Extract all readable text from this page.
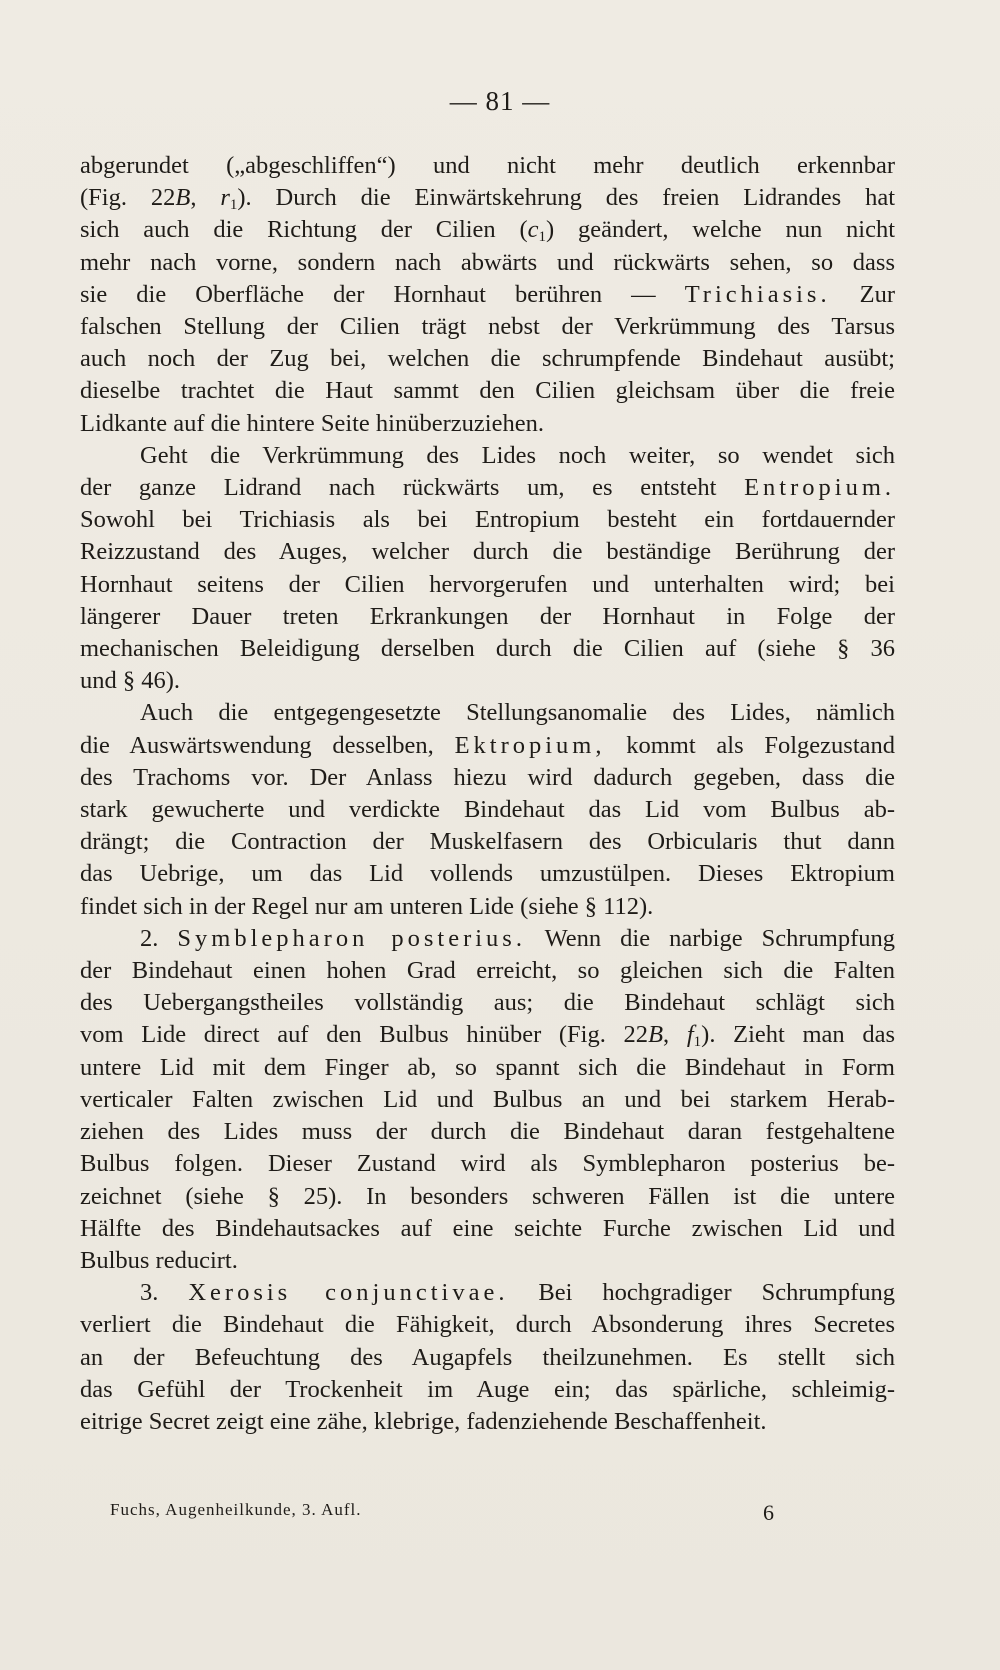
— 81 —
abgerundet („abgeschliffen“) und nicht mehr deutlich erkennbar
(Fig. 22B, $r_1$). Durch die Einwärtskehrung des freien Lidrandes hat
sich auch die Richtung der Cilien $(c_1)$ geändert, welche nun nicht
mehr nach vorne, sondern nach abwärts und rückwärts sehen, so dass
sie die Oberfläche der Hornhaut berühren — Trichiasis. Zur
falschen Stellung der Cilien trägt nebst der Verkrümmung des Tarsus
auch noch der Zug bei, welchen die schrumpfende Bindehaut ausübt;
dieselbe trachtet die Haut sammt den Cilien gleichsam über die freie
Lidkante auf die hintere Seite hinüberzuziehen.
Geht die Verkrümmung des Lides noch weiter, so wendet sich
der ganze Lidrand nach rückwärts um, es entsteht Entropium.
Sowohl bei Trichiasis als bei Entropium besteht ein fortdauernder
Reizzustand des Auges, welcher durch die beständige Berührung der
Hornhaut seitens der Cilien hervorgerufen und unterhalten wird; bei
längerer Dauer treten Erkrankungen der Hornhaut in Folge der
mechanischen Beleidigung derselben durch die Cilien auf (siehe § 36
und § 46).
Auch die entgegengesetzte Stellungsanomalie des Lides, nämlich
die Auswärtswendung desselben, Ektropium, kommt als Folgezustand
des Trachoms vor. Der Anlass hiezu wird dadurch gegeben, dass die
stark gewucherte und verdickte Bindehaut das Lid vom Bulbus ab-
drängt; die Contraction der Muskelfasern des Orbicularis thut dann
das Uebrige, um das Lid vollends umzustülpen. Dieses Ektropium
findet sich in der Regel nur am unteren Lide (siehe § 112).
2. Symblepharon posterius. Wenn die narbige Schrumpfung
der Bindehaut einen hohen Grad erreicht, so gleichen sich die Falten
des Uebergangstheiles vollständig aus; die Bindehaut schlägt sich
vom Lide direct auf den Bulbus hinüber (Fig. 22B, $f_1$). Zieht man das
untere Lid mit dem Finger ab, so spannt sich die Bindehaut in Form
verticaler Falten zwischen Lid und Bulbus an und bei starkem Herab-
ziehen des Lides muss der durch die Bindehaut daran festgehaltene
Bulbus folgen. Dieser Zustand wird als Symblepharon posterius be-
zeichnet (siehe § 25). In besonders schweren Fällen ist die untere
Hälfte des Bindehautsackes auf eine seichte Furche zwischen Lid und
Bulbus reducirt.
3. Xerosis conjunctivae. Bei hochgradiger Schrumpfung
verliert die Bindehaut die Fähigkeit, durch Absonderung ihres Secretes
an der Befeuchtung des Augapfels theilzunehmen. Es stellt sich
das Gefühl der Trockenheit im Auge ein; das spärliche, schleimig-
eitrige Secret zeigt eine zähe, klebrige, fadenziehende Beschaffenheit.
Fuchs, Augenheilkunde, 3. Aufl.	6
